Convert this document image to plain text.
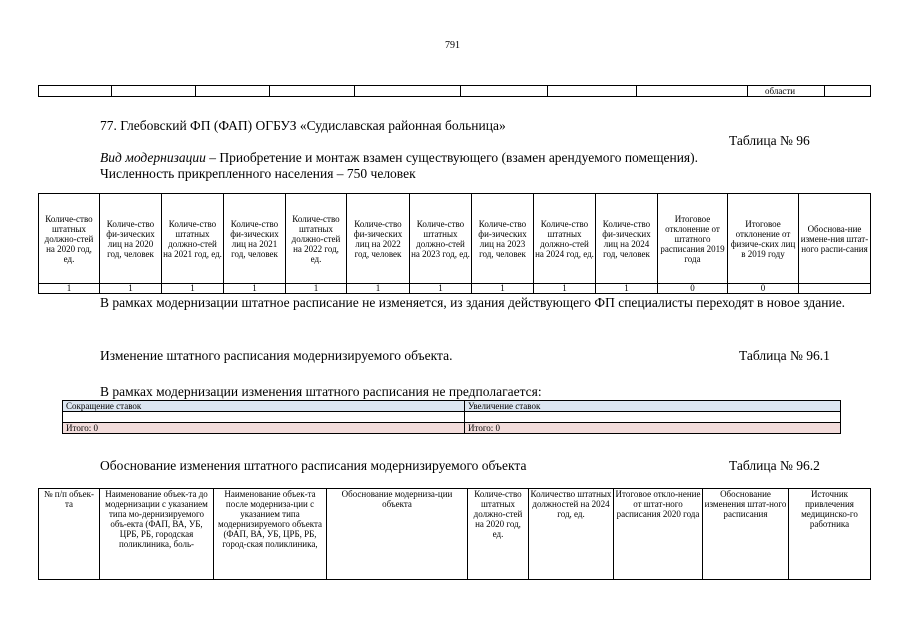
791

области
77. Глебовский ФП (ФАП) ОГБУЗ «Судиславская районная больница»
Таблица № 96
Вид модернизации – Приобретение и монтаж взамен существующего (взамен арендуемого помещения).
Численность прикрепленного населения – 750 человек
Количе-ство штатных должно-стей на 2020 год, ед.	Количе-ство фи-зических лиц на 2020 год, человек	Количе-ство штатных должно-стей на 2021 год, ед.	Количе-ство фи-зических лиц на 2021 год, человек	Количе-ство штатных должно-стей на 2022 год, ед.	Количе-ство фи-зических лиц на 2022 год, человек	Количе-ство штатных должно-стей на 2023 год, ед.	Количе-ство фи-зических лиц на 2023 год, человек	Количе-ство штатных должно-стей на 2024 год, ед.	Количе-ство фи-зических лиц на 2024 год, человек	Итоговое отклонение от штатного расписания 2019 года	Итоговое отклонение от физиче-ских лиц в 2019 году	Обоснова-ние измене-ния штат-ного распи-сания
1	1	1	1	1	1	1	1	1	1	0	0	
В рамках модернизации штатное расписание не изменяется, из здания действующего ФП специалисты переходят в новое здание.
Изменение штатного расписания модернизируемого объекта.	Таблица № 96.1
В рамках модернизации изменения штатного расписания не предполагается:
Сокращение ставок	Увеличение ставок

Итого: 0	Итого: 0
Обоснование изменения штатного расписания модернизируемого объекта	Таблица № 96.2
№ п/п объек-та	Наименование объек-та до модернизации с указанием типа мо-дернизируемого объ-екта (ФАП, ВА, УБ, ЦРБ, РБ, городская поликлиника, боль-	Наименование объек-та после модерниза-ции с указанием типа модернизируемого объекта (ФАП, ВА, УБ, ЦРБ, РБ, город-ская поликлиника,	Обоснование модерниза-ции объекта	Количе-ство штатных должно-стей на 2020 год, ед.	Количество штатных должностей на 2024 год, ед.	Итоговое откло-нение от штат-ного расписания 2020 года	Обоснование изменения штат-ного расписания	Источник привлечения медицинско-го работника
